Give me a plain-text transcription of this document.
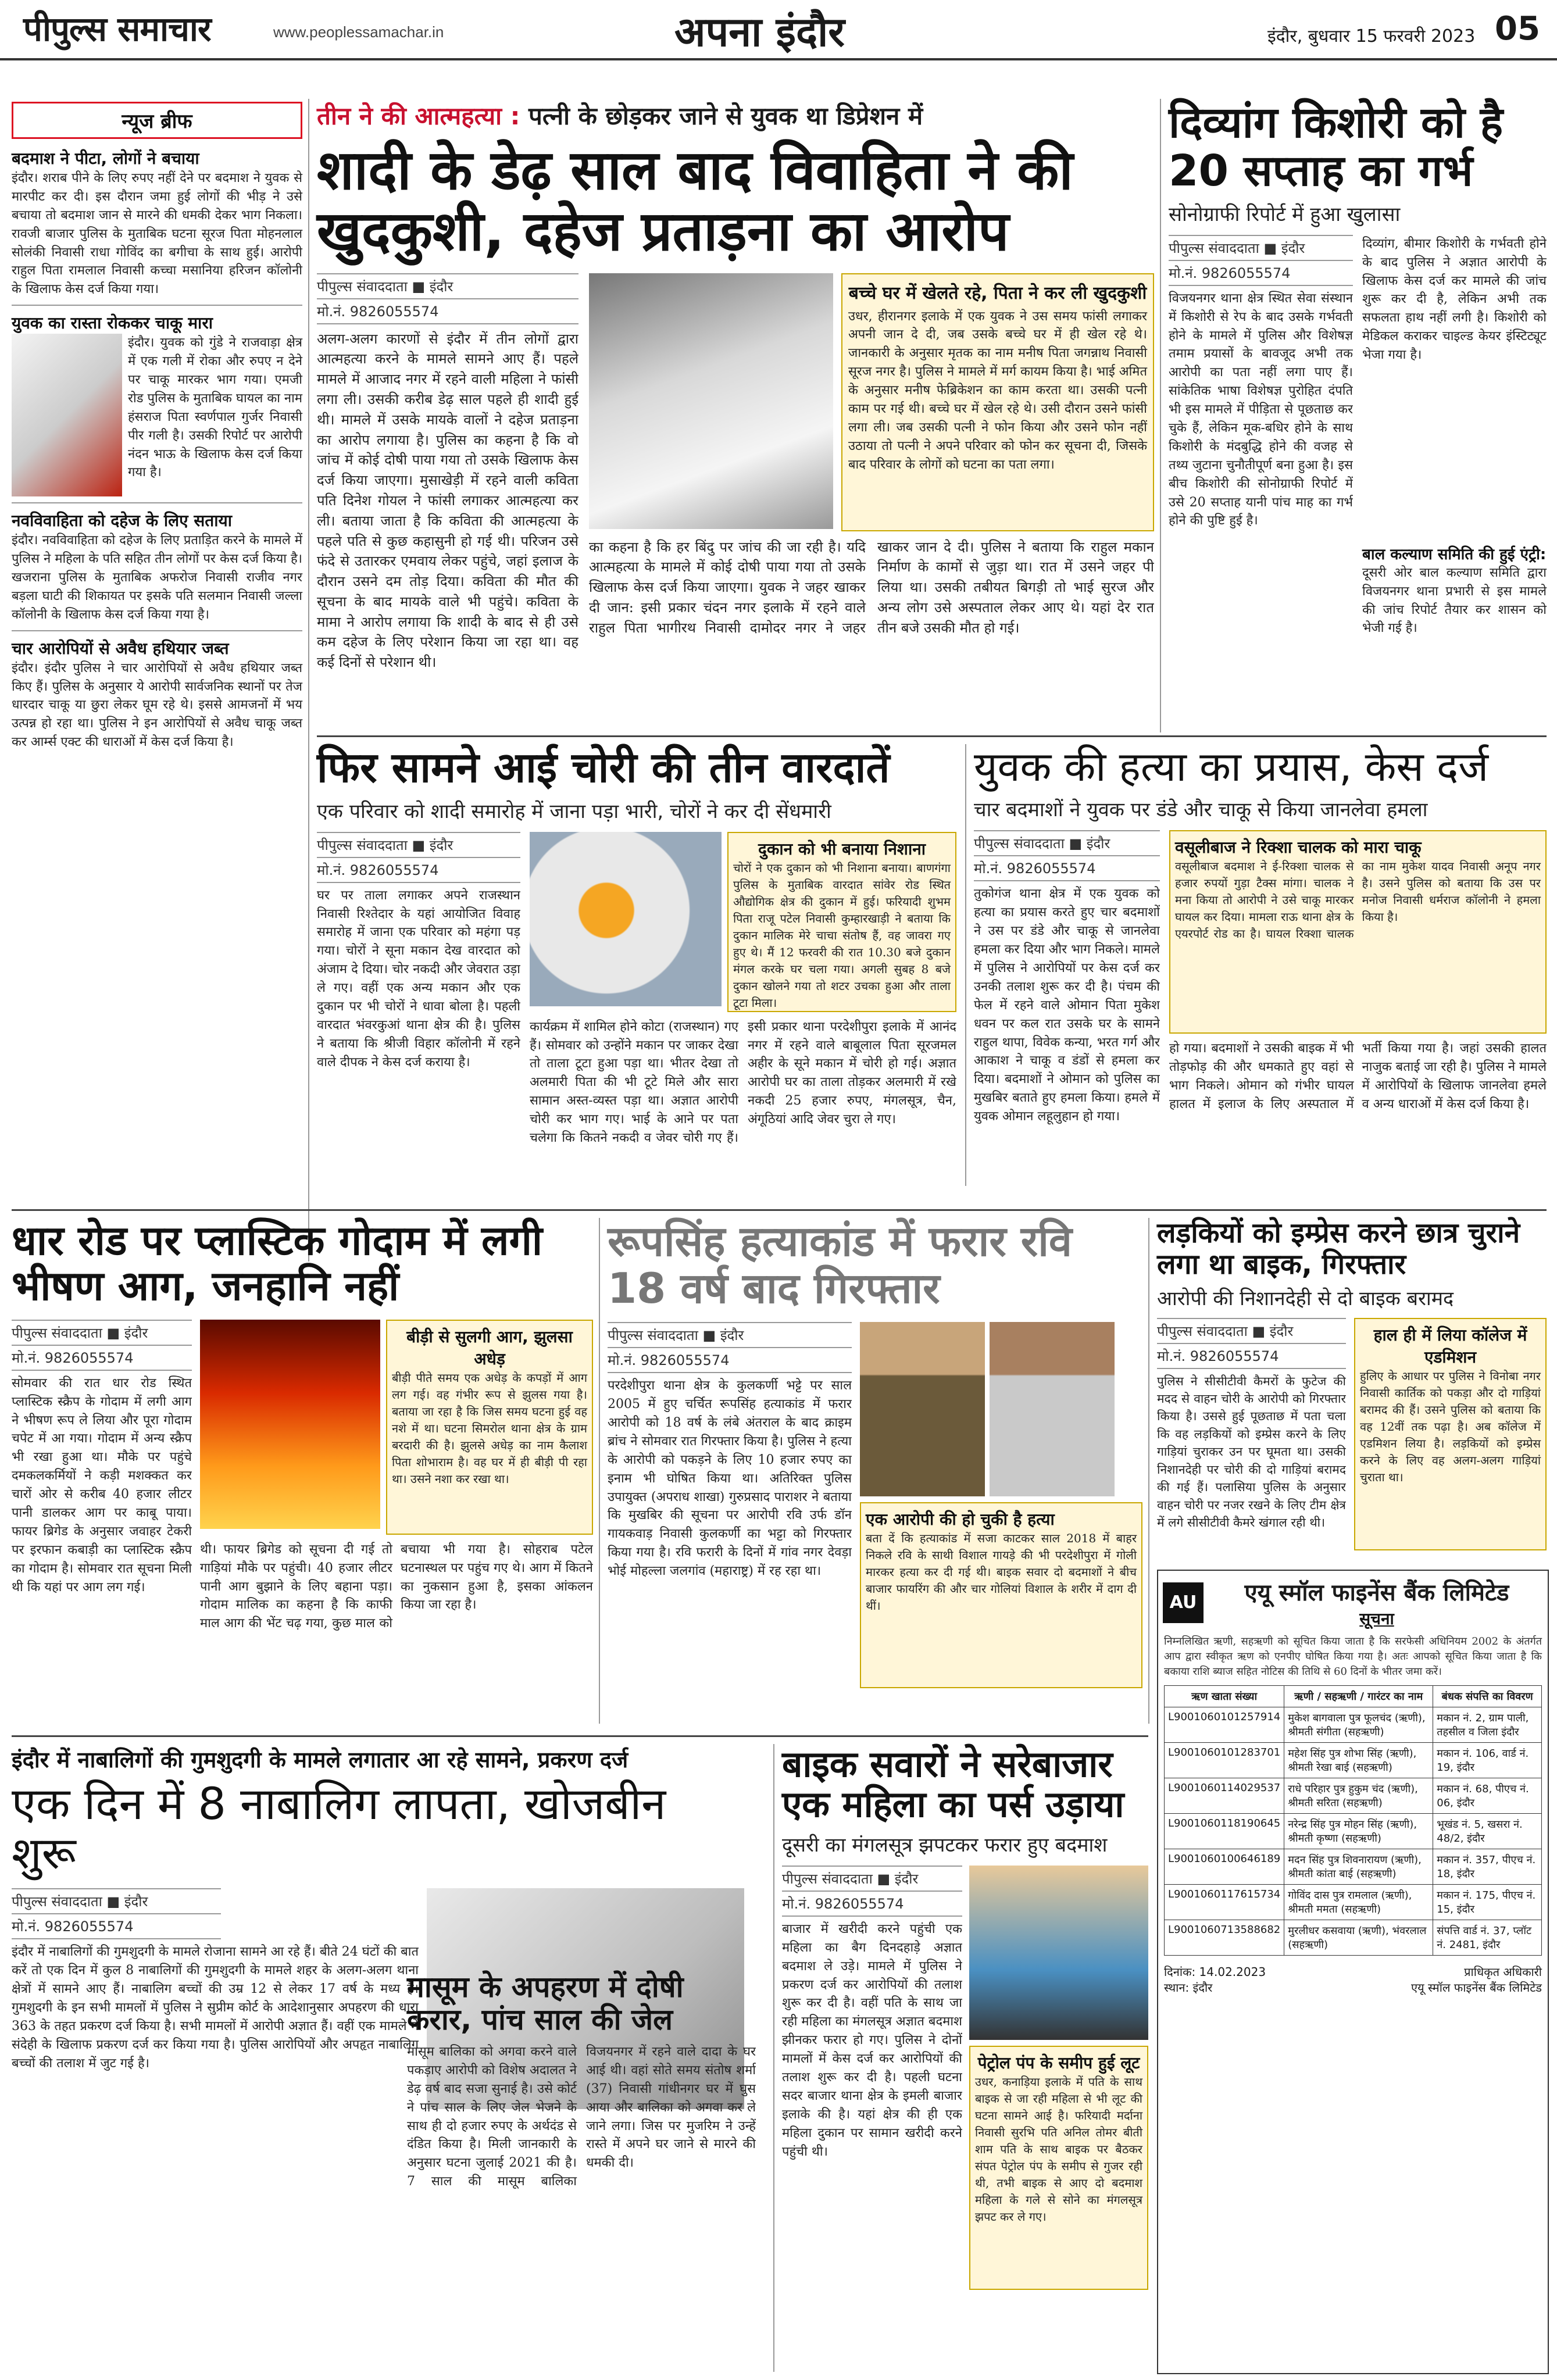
पीपुल्स समाचार	www.peoplessamachar.in	अपना इंदौर	इंदौर, बुधवार 15 फरवरी 2023 05
न्यूज ब्रीफ
बदमाश ने पीटा, लोगों ने बचाया
इंदौर। शराब पीने के लिए रुपए नहीं देने पर बदमाश ने युवक से मारपीट कर दी। इस दौरान जमा हुई लोगों की भीड़ ने उसे बचाया तो बदमाश जान से मारने की धमकी देकर भाग निकला। रावजी बाजार पुलिस के मुताबिक घटना सूरज पिता मोहनलाल सोलंकी निवासी राधा गोविंद का बगीचा के साथ हुई। आरोपी राहुल पिता रामलाल निवासी कच्चा मसानिया हरिजन कॉलोनी के खिलाफ केस दर्ज किया गया।
युवक का रास्ता रोककर चाकू मारा
इंदौर। युवक को गुंडे ने राजवाड़ा क्षेत्र में एक गली में रोका और रुपए न देने पर चाकू मारकर भाग गया। एमजी रोड पुलिस के मुताबिक घायल का नाम हंसराज पिता स्वर्णपाल गुर्जर निवासी पीर गली है। उसकी रिपोर्ट पर आरोपी नंदन भाऊ के खिलाफ केस दर्ज किया गया है।
नवविवाहिता को दहेज के लिए सताया
इंदौर। नवविवाहिता को दहेज के लिए प्रताड़ित करने के मामले में पुलिस ने महिला के पति सहित तीन लोगों पर केस दर्ज किया है। खजराना पुलिस के मुताबिक अफरोज निवासी राजीव नगर बड़ला घाटी की शिकायत पर इसके पति सलमान निवासी जल्ला कॉलोनी के खिलाफ केस दर्ज किया गया है।
चार आरोपियों से अवैध हथियार जब्त
इंदौर। इंदौर पुलिस ने चार आरोपियों से अवैध हथियार जब्त किए हैं। पुलिस के अनुसार ये आरोपी सार्वजनिक स्थानों पर तेज धारदार चाकू या छुरा लेकर घूम रहे थे। इससे आमजनों में भय उत्पन्न हो रहा था। पुलिस ने इन आरोपियों से अवैध चाकू जब्त कर आर्म्स एक्ट की धाराओं में केस दर्ज किया है।
तीन ने की आत्महत्या : पत्नी के छोड़कर जाने से युवक था डिप्रेशन में
शादी के डेढ़ साल बाद विवाहिता ने की खुदकुशी, दहेज प्रताड़ना का आरोप
पीपुल्स संवाददाता ■ इंदौर
मो.नं. 9826055574
अलग-अलग कारणों से इंदौर में तीन लोगों द्वारा आत्महत्या करने के मामले सामने आए हैं। पहले मामले में आजाद नगर में रहने वाली महिला ने फांसी लगा ली। उसकी करीब डेढ़ साल पहले ही शादी हुई थी। मामले में उसके मायके वालों ने दहेज प्रताड़ना का आरोप लगाया है। पुलिस का कहना है कि वो जांच में कोई दोषी पाया गया तो उसके खिलाफ केस दर्ज किया जाएगा। मुसाखेड़ी में रहने वाली कविता पति दिनेश गोयल ने फांसी लगाकर आत्महत्या कर ली। बताया जाता है कि कविता की आत्महत्या के पहले पति से कुछ कहासुनी हो गई थी। परिजन उसे फंदे से उतारकर एमवाय लेकर पहुंचे, जहां इलाज के दौरान उसने दम तोड़ दिया। कविता की मौत की सूचना के बाद मायके वाले भी पहुंचे। कविता के मामा ने आरोप लगाया कि शादी के बाद से ही उसे कम दहेज के लिए परेशान किया जा रहा था। वह कई दिनों से परेशान थी।
बच्चे घर में खेलते रहे, पिता ने कर ली खुदकुशी
उधर, हीरानगर इलाके में एक युवक ने उस समय फांसी लगाकर अपनी जान दे दी, जब उसके बच्चे घर में ही खेल रहे थे। जानकारी के अनुसार मृतक का नाम मनीष पिता जगन्नाथ निवासी सूरज नगर है। पुलिस ने मामले में मर्ग कायम किया है। भाई अमित के अनुसार मनीष फेब्रिकेशन का काम करता था। उसकी पत्नी काम पर गई थी। बच्चे घर में खेल रहे थे। उसी दौरान उसने फांसी लगा ली। जब उसकी पत्नी ने फोन किया और उसने फोन नहीं उठाया तो पत्नी ने अपने परिवार को फोन कर सूचना दी, जिसके बाद परिवार के लोगों को घटना का पता लगा।
का कहना है कि हर बिंदु पर जांच की जा रही है। यदि आत्महत्या के मामले में कोई दोषी पाया गया तो उसके खिलाफ केस दर्ज किया जाएगा। युवक ने जहर खाकर दी जान: इसी प्रकार चंदन नगर इलाके में रहने वाले राहुल पिता भागीरथ निवासी दामोदर नगर ने जहर खाकर जान दे दी। पुलिस ने बताया कि राहुल मकान निर्माण के कामों से जुड़ा था। रात में उसने जहर पी लिया था। उसकी तबीयत बिगड़ी तो भाई सुरज और अन्य लोग उसे अस्पताल लेकर आए थे। यहां देर रात तीन बजे उसकी मौत हो गई।
दिव्यांग किशोरी को है 20 सप्ताह का गर्भ
सोनोग्राफी रिपोर्ट में हुआ खुलासा
पीपुल्स संवाददाता ■ इंदौर
मो.नं. 9826055574
विजयनगर थाना क्षेत्र स्थित सेवा संस्थान में किशोरी से रेप के बाद उसके गर्भवती होने के मामले में पुलिस और विशेषज्ञ तमाम प्रयासों के बावजूद अभी तक आरोपी का पता नहीं लगा पाए हैं। सांकेतिक भाषा विशेषज्ञ पुरोहित दंपति भी इस मामले में पीड़िता से पूछताछ कर चुके हैं, लेकिन मूक-बधिर होने के साथ किशोरी के मंदबुद्धि होने की वजह से तथ्य जुटाना चुनौतीपूर्ण बना हुआ है। इस बीच किशोरी की सोनोग्राफी रिपोर्ट में उसे 20 सप्ताह यानी पांच माह का गर्भ होने की पुष्टि हुई है।
दिव्यांग, बीमार किशोरी के गर्भवती होने के बाद पुलिस ने अज्ञात आरोपी के खिलाफ केस दर्ज कर मामले की जांच शुरू कर दी है, लेकिन अभी तक सफलता हाथ नहीं लगी है। किशोरी को मेडिकल कराकर चाइल्ड केयर इंस्टिट्यूट भेजा गया है।
बाल कल्याण समिति की हुई एंट्री:
दूसरी ओर बाल कल्याण समिति द्वारा विजयनगर थाना प्रभारी से इस मामले की जांच रिपोर्ट तैयार कर शासन को भेजी गई है।
फिर सामने आई चोरी की तीन वारदातें
एक परिवार को शादी समारोह में जाना पड़ा भारी, चोरों ने कर दी सेंधमारी
पीपुल्स संवाददाता ■ इंदौर
मो.नं. 9826055574
घर पर ताला लगाकर अपने राजस्थान निवासी रिश्तेदार के यहां आयोजित विवाह समारोह में जाना एक परिवार को महंगा पड़ गया। चोरों ने सूना मकान देख वारदात को अंजाम दे दिया। चोर नकदी और जेवरात उड़ा ले गए। वहीं एक अन्य मकान और एक दुकान पर भी चोरों ने धावा बोला है। पहली वारदात भंवरकुआं थाना क्षेत्र की है। पुलिस ने बताया कि श्रीजी विहार कॉलोनी में रहने वाले दीपक ने केस दर्ज कराया है।
दुकान को भी बनाया निशाना
चोरों ने एक दुकान को भी निशाना बनाया। बाणगंगा पुलिस के मुताबिक वारदात सांवेर रोड स्थित औद्योगिक क्षेत्र की दुकान में हुई। फरियादी शुभम पिता राजू पटेल निवासी कुम्हारखाड़ी ने बताया कि दुकान मालिक मेरे चाचा संतोष हैं, वह जावरा गए हुए थे। मैं 12 फरवरी की रात 10.30 बजे दुकान मंगल करके घर चला गया। अगली सुबह 8 बजे दुकान खोलने गया तो शटर उचका हुआ और ताला टूटा मिला।
कार्यक्रम में शामिल होने कोटा (राजस्थान) गए हैं। सोमवार को उन्होंने मकान पर जाकर देखा तो ताला टूटा हुआ पड़ा था। भीतर देखा तो अलमारी पिता की भी टूटे मिले और सारा सामान अस्त-व्यस्त पड़ा था। अज्ञात आरोपी चोरी कर भाग गए। भाई के आने पर पता चलेगा कि कितने नकदी व जेवर चोरी गए हैं। इसी प्रकार थाना परदेशीपुरा इलाके में आनंद नगर में रहने वाले बाबूलाल पिता सूरजमल अहीर के सूने मकान में चोरी हो गई। अज्ञात आरोपी घर का ताला तोड़कर अलमारी में रखे नकदी 25 हजार रुपए, मंगलसूत्र, चैन, अंगूठियां आदि जेवर चुरा ले गए।
युवक की हत्या का प्रयास, केस दर्ज
चार बदमाशों ने युवक पर डंडे और चाकू से किया जानलेवा हमला
पीपुल्स संवाददाता ■ इंदौर
मो.नं. 9826055574
तुकोगंज थाना क्षेत्र में एक युवक को हत्या का प्रयास करते हुए चार बदमाशों ने उस पर डंडे और चाकू से जानलेवा हमला कर दिया और भाग निकले। मामले में पुलिस ने आरोपियों पर केस दर्ज कर उनकी तलाश शुरू कर दी है। पंचम की फेल में रहने वाले ओमान पिता मुकेश धवन पर कल रात उसके घर के सामने राहुल थापा, विवेक कन्या, भरत गर्ग और आकाश ने चाकू व डंडों से हमला कर दिया। बदमाशों ने ओमान को पुलिस का मुखबिर बताते हुए हमला किया। हमले में युवक ओमान लहूलुहान हो गया।
वसूलीबाज ने रिक्शा चालक को मारा चाकू
वसूलीबाज बदमाश ने ई-रिक्शा चालक से हजार रुपयों गुड़ा टैक्स मांगा। चालक ने मना किया तो आरोपी ने उसे चाकू मारकर घायल कर दिया। मामला राऊ थाना क्षेत्र के एयरपोर्ट रोड का है। घायल रिक्शा चालक का नाम मुकेश यादव निवासी अनूप नगर है। उसने पुलिस को बताया कि उस पर मनोज निवासी धर्मराज कॉलोनी ने हमला किया है।
हो गया। बदमाशों ने उसकी बाइक में भी तोड़फोड़ की और धमकाते हुए वहां से भाग निकले। ओमान को गंभीर घायल हालत में इलाज के लिए अस्पताल में भर्ती किया गया है। जहां उसकी हालत नाजुक बताई जा रही है। पुलिस ने मामले में आरोपियों के खिलाफ जानलेवा हमले व अन्य धाराओं में केस दर्ज किया है।
धार रोड पर प्लास्टिक गोदाम में लगी भीषण आग, जनहानि नहीं
पीपुल्स संवाददाता ■ इंदौर
मो.नं. 9826055574
सोमवार की रात धार रोड स्थित प्लास्टिक स्क्रैप के गोदाम में लगी आग ने भीषण रूप ले लिया और पूरा गोदाम चपेट में आ गया। गोदाम में अन्य स्क्रैप भी रखा हुआ था। मौके पर पहुंचे दमकलकर्मियों ने कड़ी मशक्कत कर चारों ओर से करीब 40 हजार लीटर पानी डालकर आग पर काबू पाया। फायर ब्रिगेड के अनुसार जवाहर टेकरी पर इरफान कबाड़ी का प्लास्टिक स्क्रैप का गोदाम है। सोमवार रात सूचना मिली थी कि यहां पर आग लग गई।
बीड़ी से सुलगी आग, झुलसा अधेड़
बीड़ी पीते समय एक अधेड़ के कपड़ों में आग लग गई। वह गंभीर रूप से झुलस गया है। बताया जा रहा है कि जिस समय घटना हुई वह नशे में था। घटना सिमरोल थाना क्षेत्र के ग्राम बरदारी की है। झुलसे अधेड़ का नाम कैलाश पिता शोभाराम है। वह घर में ही बीड़ी पी रहा था। उसने नशा कर रखा था।
थी। फायर ब्रिगेड को सूचना दी गई तो गाड़ियां मौके पर पहुंची। 40 हजार लीटर पानी आग बुझाने के लिए बहाना पड़ा। गोदाम मालिक का कहना है कि काफी माल आग की भेंट चढ़ गया, कुछ माल को बचाया भी गया है। सोहराब पटेल घटनास्थल पर पहुंच गए थे। आग में कितने का नुकसान हुआ है, इसका आंकलन किया जा रहा है।
रूपसिंह हत्याकांड में फरार रवि 18 वर्ष बाद गिरफ्तार
पीपुल्स संवाददाता ■ इंदौर
मो.नं. 9826055574
परदेशीपुरा थाना क्षेत्र के कुलकर्णी भट्टे पर साल 2005 में हुए चर्चित रूपसिंह हत्याकांड में फरार आरोपी को 18 वर्ष के लंबे अंतराल के बाद क्राइम ब्रांच ने सोमवार रात गिरफ्तार किया है। पुलिस ने हत्या के आरोपी को पकड़ने के लिए 10 हजार रुपए का इनाम भी घोषित किया था। अतिरिक्त पुलिस उपायुक्त (अपराध शाखा) गुरुप्रसाद पाराशर ने बताया कि मुखबिर की सूचना पर आरोपी रवि उर्फ डॉन गायकवाड़ निवासी कुलकर्णी का भट्टा को गिरफ्तार किया गया है। रवि फरारी के दिनों में गांव नगर देवड़ा भोई मोहल्ला जलगांव (महाराष्ट्र) में रह रहा था।
एक आरोपी की हो चुकी है हत्या
बता दें कि हत्याकांड में सजा काटकर साल 2018 में बाहर निकले रवि के साथी विशाल गायड़े की भी परदेशीपुरा में गोली मारकर हत्या कर दी गई थी। बाइक सवार दो बदमाशों ने बीच बाजार फायरिंग की और चार गोलियां विशाल के शरीर में दाग दी थीं।
लड़कियों को इम्प्रेस करने छात्र चुराने लगा था बाइक, गिरफ्तार
आरोपी की निशानदेही से दो बाइक बरामद
पीपुल्स संवाददाता ■ इंदौर
मो.नं. 9826055574
पुलिस ने सीसीटीवी कैमरों के फुटेज की मदद से वाहन चोरी के आरोपी को गिरफ्तार किया है। उससे हुई पूछताछ में पता चला कि वह लड़कियों को इम्प्रेस करने के लिए गाड़ियां चुराकर उन पर घूमता था। उसकी निशानदेही पर चोरी की दो गाड़ियां बरामद की गई हैं। पलासिया पुलिस के अनुसार वाहन चोरी पर नजर रखने के लिए टीम क्षेत्र में लगे सीसीटीवी कैमरे खंगाल रही थी।
हाल ही में लिया कॉलेज में एडमिशन
हुलिए के आधार पर पुलिस ने विनोबा नगर निवासी कार्तिक को पकड़ा और दो गाड़ियां बरामद की हैं। उसने पुलिस को बताया कि वह 12वीं तक पढ़ा है। अब कॉलेज में एडमिशन लिया है। लड़कियों को इम्प्रेस करने के लिए वह अलग-अलग गाड़ियां चुराता था।
AU	एयू स्मॉल फाइनेंस बैंक लिमिटेड
सूचना
निम्नलिखित ऋणी, सहऋणी को सूचित किया जाता है कि सरफेसी अधिनियम 2002 के अंतर्गत आप द्वारा स्वीकृत ऋण को एनपीए घोषित किया गया है। अतः आपको सूचित किया जाता है कि बकाया राशि ब्याज सहित नोटिस की तिथि से 60 दिनों के भीतर जमा करें।
ऋण खाता संख्या	ऋणी / सहऋणी / गारंटर का नाम	बंधक संपत्ति का विवरण
L9001060101257914	मुकेश बागवाला पुत्र फूलचंद (ऋणी), श्रीमती संगीता (सहऋणी)	मकान नं. 2, ग्राम पाली, तहसील व जिला इंदौर
L9001060101283701	महेश सिंह पुत्र शोभा सिंह (ऋणी), श्रीमती रेखा बाई (सहऋणी)	मकान नं. 106, वार्ड नं. 19, इंदौर
L9001060114029537	राधे परिहार पुत्र हुकुम चंद (ऋणी), श्रीमती सरिता (सहऋणी)	मकान नं. 68, पीएच नं. 06, इंदौर
L9001060118190645	नरेन्द्र सिंह पुत्र मोहन सिंह (ऋणी), श्रीमती कृष्णा (सहऋणी)	भूखंड नं. 5, खसरा नं. 48/2, इंदौर
L9001060100646189	मदन सिंह पुत्र शिवनारायण (ऋणी), श्रीमती कांता बाई (सहऋणी)	मकान नं. 357, पीएच नं. 18, इंदौर
L9001060117615734	गोविंद दास पुत्र रामलाल (ऋणी), श्रीमती ममता (सहऋणी)	मकान नं. 175, पीएच नं. 15, इंदौर
L9001060713588682	मुरलीधर कसवाया (ऋणी), भंवरलाल (सहऋणी)	संपत्ति वार्ड नं. 37, प्लॉट नं. 2481, इंदौर
दिनांक: 14.02.2023
स्थान: इंदौर
प्राधिकृत अधिकारी
एयू स्मॉल फाइनेंस बैंक लिमिटेड
इंदौर में नाबालिगों की गुमशुदगी के मामले लगातार आ रहे सामने, प्रकरण दर्ज
एक दिन में 8 नाबालिग लापता, खोजबीन शुरू
पीपुल्स संवाददाता ■ इंदौर
मो.नं. 9826055574
इंदौर में नाबालिगों की गुमशुदगी के मामले रोजाना सामने आ रहे हैं। बीते 24 घंटों की बात करें तो एक दिन में कुल 8 नाबालिगों की गुमशुदगी के मामले शहर के अलग-अलग थाना क्षेत्रों में सामने आए हैं। नाबालिग बच्चों की उम्र 12 से लेकर 17 वर्ष के मध्य है। गुमशुदगी के इन सभी मामलों में पुलिस ने सुप्रीम कोर्ट के आदेशानुसार अपहरण की धारा 363 के तहत प्रकरण दर्ज किया है। सभी मामलों में आरोपी अज्ञात हैं। वहीं एक मामले में संदेही के खिलाफ प्रकरण दर्ज कर किया गया है। पुलिस आरोपियों और अपहृत नाबालिग बच्चों की तलाश में जुट गई है।
मासूम के अपहरण में दोषी करार, पांच साल की जेल
मासूम बालिका को अगवा करने वाले पकड़ाए आरोपी को विशेष अदालत ने डेढ़ वर्ष बाद सजा सुनाई है। उसे कोर्ट ने पांच साल के लिए जेल भेजने के साथ ही दो हजार रुपए के अर्थदंड से दंडित किया है। मिली जानकारी के अनुसार घटना जुलाई 2021 की है। 7 साल की मासूम बालिका विजयनगर में रहने वाले दादा के घर आई थी। वहां सोते समय संतोष शर्मा (37) निवासी गांधीनगर घर में घुस आया और बालिका को अगवा कर ले जाने लगा। जिस पर मुजरिम ने उन्हें रास्ते में अपने घर जाने से मारने की धमकी दी।
बाइक सवारों ने सरेबाजार एक महिला का पर्स उड़ाया
दूसरी का मंगलसूत्र झपटकर फरार हुए बदमाश
पीपुल्स संवाददाता ■ इंदौर
मो.नं. 9826055574
बाजार में खरीदी करने पहुंची एक महिला का बैग दिनदहाड़े अज्ञात बदमाश ले उड़े। मामले में पुलिस ने प्रकरण दर्ज कर आरोपियों की तलाश शुरू कर दी है। वहीं पति के साथ जा रही महिला का मंगलसूत्र अज्ञात बदमाश झीनकर फरार हो गए। पुलिस ने दोनों मामलों में केस दर्ज कर आरोपियों की तलाश शुरू कर दी है। पहली घटना सदर बाजार थाना क्षेत्र के इमली बाजार इलाके की है। यहां क्षेत्र की ही एक महिला दुकान पर सामान खरीदी करने पहुंची थी।
पेट्रोल पंप के समीप हुई लूट
उधर, कनाड़िया इलाके में पति के साथ बाइक से जा रही महिला से भी लूट की घटना सामने आई है। फरियादी मर्दाना निवासी सुरभि पति अनिल तोमर बीती शाम पति के साथ बाइक पर बैठकर संपत पेट्रोल पंप के समीप से गुजर रही थी, तभी बाइक से आए दो बदमाश महिला के गले से सोने का मंगलसूत्र झपट कर ले गए।
